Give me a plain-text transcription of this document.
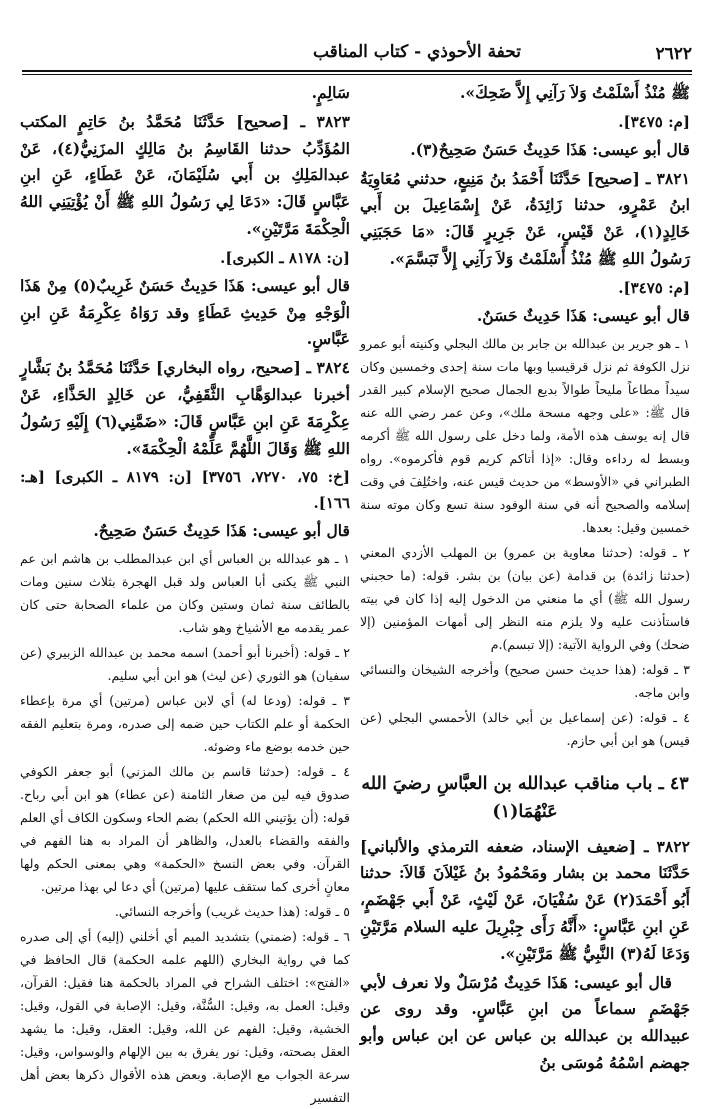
٢٦٢٢
تحفة الأحوذي - كتاب المناقب

ﷺ مُنْذُ أَسْلَمْتُ وَلاَ رَآنِي إِلاَّ ضَحِكَ».

[م: ٣٤٧٥].

قال أبو عيسى: هَذَا حَدِيثٌ حَسَنٌ صَحِيحٌ(٣).

٣٨٢١ ـ [صحيح] حَدَّثَنَا أَحْمَدُ بنُ مَنِيعٍ، حدثني مُعَاوِيَةُ ابنُ عَمْرٍو، حدثنا زَائِدَةُ، عَنْ إِسْمَاعِيلَ بن أَبي خَالِدٍ(١)، عَنْ قَيْسٍ، عَنْ جَرِيرٍ قَالَ: «مَا حَجَبَنِي رَسُولُ اللهِ ﷺ مُنْذُ أَسْلَمْتُ وَلاَ رَآنِي إِلاَّ تَبَسَّمَ».

[م: ٣٤٧٥].

قال أبو عيسى: هَذَا حَدِيثٌ حَسَنٌ.

١ ـ هو جرير بن عبدالله بن جابر بن مالك البجلي وكنيته أبو عمرو نزل الكوفة ثم نزل قرقيسيا وبها مات سنة إحدى وخمسين وكان سيداً مطاعاً مليحاً طوالاً بديع الجمال صحيح الإسلام كبير القدر قال ﷺ: «على وجهه مسحة ملك»، وعن عمر رضي الله عنه قال إنه يوسف هذه الأمة، ولما دخل على رسول الله ﷺ أكرمه وبسط له رداءه وقال: «إذا أتاكم كريم قوم فأكرموه». رواه الطبراني في «الأوسط» من حديث قيس عنه، واختُلِفَ في وقت إسلامه والصحيح أنه في سنة الوفود سنة تسع وكان موته سنة خمسين وقيل: بعدها.

٢ ـ قوله: (حدثنا معاوية بن عمرو) بن المهلب الأزدي المعني (حدثنا زائدة) بن قدامة (عن بيان) بن بشر. قوله: (ما حجبني رسول الله ﷺ) أي ما منعني من الدخول إليه إذا كان في بيته فاستأذنت عليه ولا يلزم منه النظر إلى أمهات المؤمنين (إلا ضحك) وفي الرواية الآتية: (إلا تبسم).م

٣ ـ قوله: (هذا حديث حسن صحيح) وأخرجه الشيخان والنسائي وابن ماجه.

٤ ـ قوله: (عن إسماعيل بن أبي خالد) الأحمسي البجلي (عن قيس) هو ابن أبي حازم.

٤٣ ـ باب مناقب عبدالله بن العبَّاسِ رضيَ الله عَنْهُمَا(١)

٣٨٢٢ ـ [ضعيف الإسناد، ضعفه الترمذي والألباني] حَدَّثَنَا محمد بن بشار ومَحْمُودُ بنُ غَيْلاَنَ قَالاَ: حدثنا أَبُو أَحْمَدَ(٢) عَنْ سُفْيَانَ، عَنْ لَيْثٍ، عَنْ أَبي جَهْضَمٍ، عَنِ ابنِ عَبَّاسٍ: «أَنَّهُ رَأَى جِبْرِيلَ عليه السلام مَرَّتَيْنِ وَدَعَا لَهُ(٣) النَّبِيُّ ﷺ مَرَّتَيْنِ».

قال أبو عيسى: هَذَا حَدِيثٌ مُرْسَلٌ ولا نعرف لأبي جَهْضَمٍ سماعاً من ابنِ عَبَّاسٍ. وقد روى عن عبيدالله بن عبدالله بن عباس عن ابن عباس وأبو جهضم اسْمُهُ مُوسَى بنُ

سَالِمٍ.

٣٨٢٣ ـ [صحيح] حَدَّثَنَا مُحَمَّدُ بنُ حَاتِمٍ المكتب المُؤَدِّبُ حدثنا القَاسِمُ بنُ مَالِكٍ المزَنِيُّ(٤)، عَنْ عبدالمَلِكِ بن أَبي سُلَيْمَانَ، عَنْ عَطَاءٍ، عَنِ ابنِ عَبَّاسٍ قَالَ: «دَعَا لِي رَسُولُ اللهِ ﷺ أَنْ يُؤْتِيَنِي اللهُ الْحِكْمَةَ مَرَّتَيْنِ».

[ن: ٨١٧٨ ـ الكبرى].

قال أبو عيسى: هَذَا حَدِيثٌ حَسَنٌ غَرِيبٌ(٥) مِنْ هَذَا الْوَجْهِ مِنْ حَدِيثِ عَطَاءٍ وقد رَوَاهُ عِكْرِمَةُ عَنِ ابنِ عَبَّاسٍ.

٣٨٢٤ ـ [صحيح، رواه البخاري] حَدَّثَنَا مُحَمَّدُ بنُ بَشَّارٍ أخبرنا عبدالوَهَّابِ الثَّقَفِيُّ، عن خَالِدٍ الحَذَّاءِ، عَنْ عِكْرِمَةَ عَنِ ابنِ عَبَّاسٍ قَالَ: «ضَمَّنِي(٦) إِلَيْهِ رَسُولُ اللهِ ﷺ وَقَالَ اللَّهُمَّ عَلِّمْهُ الْحِكْمَةَ».

[خ: ٧٥، ٧٢٧٠، ٣٧٥٦] [ن: ٨١٧٩ ـ الكبرى] [هـ: ١٦٦].

قال أبو عيسى: هَذَا حَدِيثٌ حَسَنٌ صَحِيحٌ.

١ ـ هو عبدالله بن العباس أي ابن عبدالمطلب بن هاشم ابن عم النبي ﷺ يكنى أبا العباس ولد قبل الهجرة بثلاث سنين ومات بالطائف سنة ثمان وستين وكان من علماء الصحابة حتى كان عمر يقدمه مع الأشياخ وهو شاب.

٢ ـ قوله: (أخبرنا أبو أحمد) اسمه محمد بن عبدالله الزبيري (عن سفيان) هو الثوري (عن ليث) هو ابن أبي سليم.

٣ ـ قوله: (ودعا له) أي لابن عباس (مرتين) أي مرة بإعطاء الحكمة أو علم الكتاب حين ضمه إلى صدره، ومرة بتعليم الفقه حين خدمه بوضع ماء وضوئه.

٤ ـ قوله: (حدثنا قاسم بن مالك المزني) أبو جعفر الكوفي صدوق فيه لين من صغار الثامنة (عن عطاء) هو ابن أبي رباح. قوله: (أن يؤتيني الله الحكم) بضم الحاء وسكون الكاف أي العلم والفقه والقضاء بالعدل، والظاهر أن المراد به هنا الفهم في القرآن. وفي بعض النسخ «الحكمة» وهي بمعنى الحكم ولها معانٍ أخرى كما ستقف عليها (مرتين) أي دعا لي بهذا مرتين.

٥ ـ قوله: (هذا حديث غريب) وأخرجه النسائي.

٦ ـ قوله: (ضمني) بتشديد الميم أي أخلني (إليه) أي إلى صدره كما في رواية البخاري (اللهم علمه الحكمة) قال الحافظ في «الفتح»: اختلف الشراح في المراد بالحكمة هنا فقيل: القرآن، وقيل: العمل به، وقيل: السُّنَّة، وقيل: الإصابة في القول، وقيل: الخشية، وقيل: الفهم عن الله، وقيل: العقل، وقيل: ما يشهد العقل بصحته، وقيل: نور يفرق به بين الإلهام والوسواس، وقيل: سرعة الجواب مع الإصابة. وبعض هذه الأقوال ذكرها بعض أهل التفسير
